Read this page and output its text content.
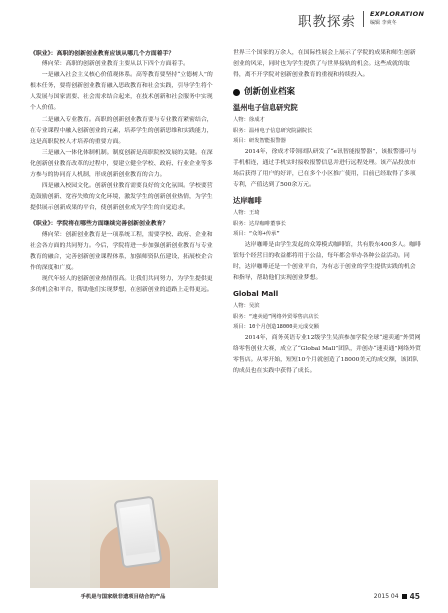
职教探索 EXPLORATION
编辑 李爽冬

《职业》：高职的创新创业教育应该从哪几个方面着手？

傅向荣：高职的创新创业教育主要从以下四个方面着手。

一是融入社会主义核心价值观体系。高等教育要坚持“立德树人”的根本任务，要将创新创业教育融入思政教育和社会实践，引导学生将个人发展与国家需要、社会需求结合起来，在技术创新和社会服务中实现个人价值。

二是融入专业教育。高职的创新创业教育要与专业教育紧密结合，在专业课程中融入创新创业的元素，培养学生的创新思维和实践能力，这是高职院校人才培养的重要方面。

三是融入一体化体制机制。制度创新是高职院校发展的关键。在深化创新创业教育改革的过程中，要建立健全学校、政府、行业企业等多方参与的协同育人机制，形成创新创业教育的合力。

四是融入校园文化。创新创业教育需要良好的文化氛围。学校要营造鼓励创新、宽容失败的文化环境，激发学生的创新创业热情，为学生提供展示创新成果的平台，使创新创业成为学生的自觉追求。

《职业》：学院将在哪些方面继续完善创新创业教育？

傅向荣：创新创业教育是一项系统工程，需要学校、政府、企业和社会各方面的共同努力。今后，学院将进一步加强创新创业教育与专业教育的融合，完善创新创业课程体系，加强师资队伍建设，拓展校企合作的深度和广度。

现代年轻人的创新创业热情很高。让我们共同努力，为学生提供更多的机会和平台，帮助他们实现梦想，在创新创业的道路上走得更远。

手机是与国家级非遗项目结合的产品

世界三个国家的万余人，在国际性展会上展示了学院的成果和师生创新创业的风采，同时也为学生提供了与世界接轨的机会。这些成就的取得，离不开学院对创新创业教育的重视和持续投入。

创新创业档案

温州电子信息研究院

人物：徐成才

职务：温州电子信息研究院副院长

项目：研发智能报警器

2014年，徐成才带领团队研发了“e讯智能报警器”，该报警器可与手机相连，通过手机实时接收报警信息并进行远程处理。该产品投放市场后获得了用户的好评，已在多个小区推广使用，目前已经取得了多项专利，产值达到了500余万元。

达岸咖啡

人物：王琦

职务：达岸咖啡董事长

项目：“众筹+传承”

达岸咖啡是由学生发起的众筹模式咖啡馆，共有股东400多人。咖啡馆每个经营日的收益都将用于公益，每年都会举办各种公益活动。同时，达岸咖啡还是一个创业平台，为有志于创业的学生提供实践的机会和指导，帮助他们实现创业梦想。

Global Mall

人物：吴滨

职务：“速卖通”网络外贸零售店店长

项目：10个月创造18000美元成交额

2014年，商务英语专业12级学生吴滨参加学院全球“速卖通”外贸网络零售创业大赛，成立了“Global Mall”团队，并创办“速卖通”网络外贸零售店。从零开始，短短10个月就创造了18000美元的成交额，该团队的成员也在实践中获得了成长。

2015 04 45
